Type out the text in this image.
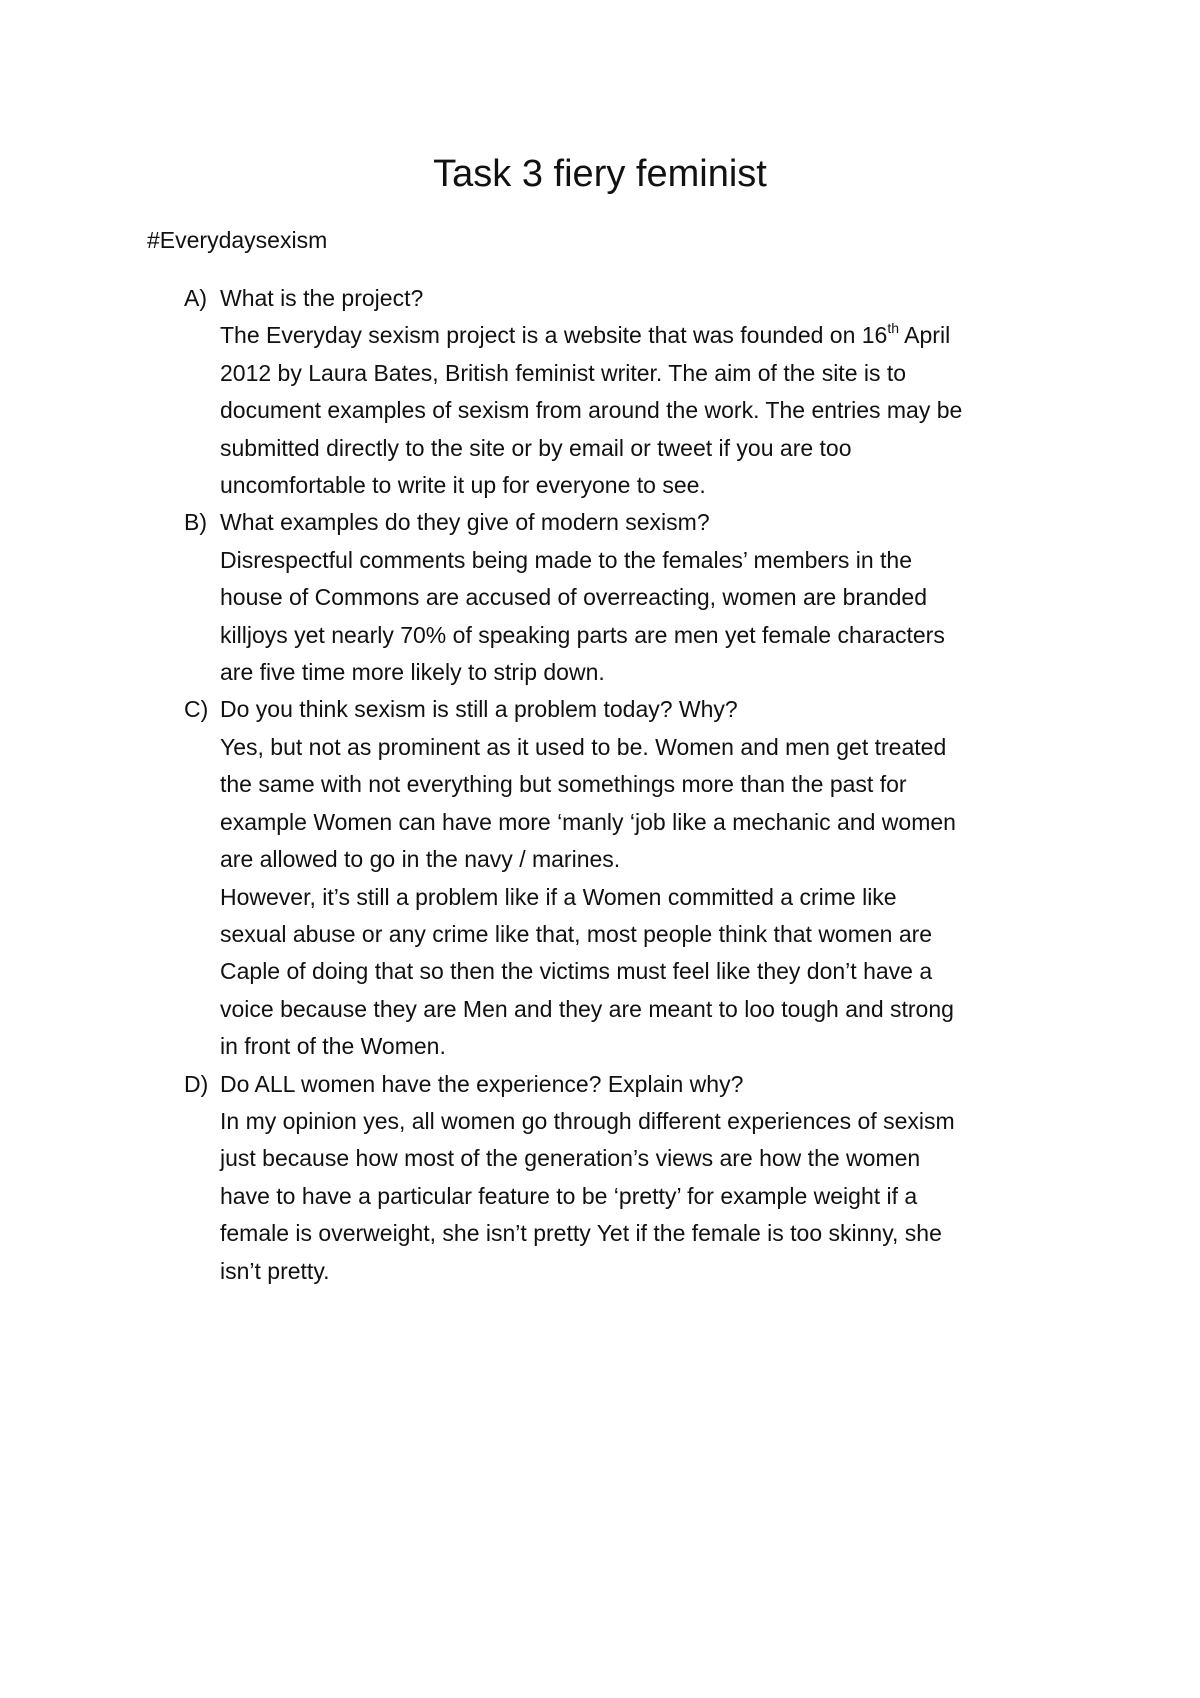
Task 3 fiery feminist

#Everydaysexism

A) What is the project?
The Everyday sexism project is a website that was founded on 16th April
2012 by Laura Bates, British feminist writer. The aim of the site is to
document examples of sexism from around the work. The entries may be
submitted directly to the site or by email or tweet if you are too
uncomfortable to write it up for everyone to see.
B) What examples do they give of modern sexism?
Disrespectful comments being made to the females’ members in the
house of Commons are accused of overreacting, women are branded
killjoys yet nearly 70% of speaking parts are men yet female characters
are five time more likely to strip down.
C) Do you think sexism is still a problem today? Why?
Yes, but not as prominent as it used to be. Women and men get treated
the same with not everything but somethings more than the past for
example Women can have more ‘manly ‘job like a mechanic and women
are allowed to go in the navy / marines.
However, it’s still a problem like if a Women committed a crime like
sexual abuse or any crime like that, most people think that women are
Caple of doing that so then the victims must feel like they don’t have a
voice because they are Men and they are meant to loo tough and strong
in front of the Women.
D) Do ALL women have the experience? Explain why?
In my opinion yes, all women go through different experiences of sexism
just because how most of the generation’s views are how the women
have to have a particular feature to be ‘pretty’ for example weight if a
female is overweight, she isn’t pretty Yet if the female is too skinny, she
isn’t pretty.
